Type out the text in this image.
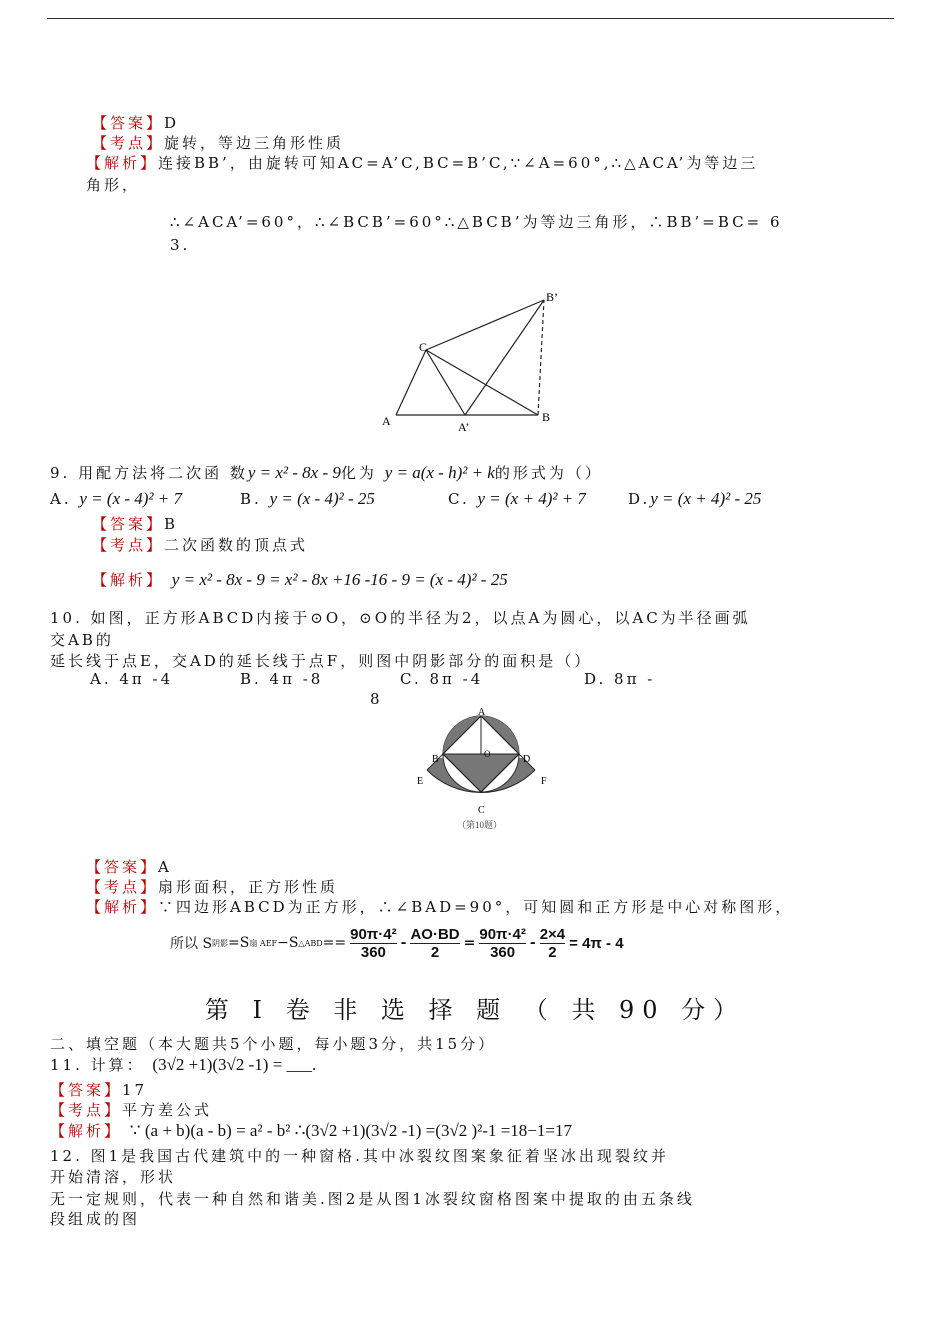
【答案】D
【考点】旋转，等边三角形性质
【解析】连接BB’，由旋转可知AC=A’C,BC=B’C,∵∠A=60°,∴△ACA’为等边三
角形，
∴∠ACA’=60°，∴∠BCB’=60°∴△BCB’为等边三角形，∴BB’=BC= 6
3.
A	B
C
A’
B’
9. 用配方法将二次函 数y = x² - 8x - 9化为 y = a(x - h)² + k的形式为（）
A. y = (x - 4)² + 7	B. y = (x - 4)² - 25	C. y = (x + 4)² + 7	D.y = (x + 4)² - 25
【答案】B
【考点】二次函数的顶点式
【解析】 y = x² - 8x - 9 = x² - 8x +16 -16 - 9 = (x - 4)² - 25
10. 如图，正方形ABCD内接于⊙O，⊙O的半径为2，以点A为圆心，以AC为半径画弧
交AB的
延长线于点E，交AD的延长线于点F，则图中阴影部分的面积是（）
A. 4π -4	B. 4π -8	C. 8π -4	D. 8π -
8
A
B	D
O
E	F
C
（第10题）
【答案】A
【考点】扇形面积，正方形性质
【解析】∵四边形ABCD为正方形，∴∠BAD=90°，可知圆和正方形是中心对称图形，
所以 S 阴影 =S 扇 AEF −S △ABD == $\frac{\text{90π·4²}}{360} - \frac{AO\cdot BD}{2} = \frac{\text{90π·4²}}{360} - \frac{2\times 4}{2} = 4\pi - 4$
第 I 卷 非 选 择 题 （ 共 90 分）
二、填空题（本大题共5个小题，每小题3分，共15分）
11. 计算： (3√2 +1)(3√2 -1) = ___.
【答案】17
【考点】平方差公式
【解析】 ∵ (a + b)(a - b) = a² - b² ∴(3√2 +1)(3√2 -1) =(3√2 )²-1 =18−1=17
12. 图1是我国古代建筑中的一种窗格.其中冰裂纹图案象征着坚冰出现裂纹并
开始清溶，形状
无一定规则，代表一种自然和谐美.图2是从图1冰裂纹窗格图案中提取的由五条线
段组成的图
